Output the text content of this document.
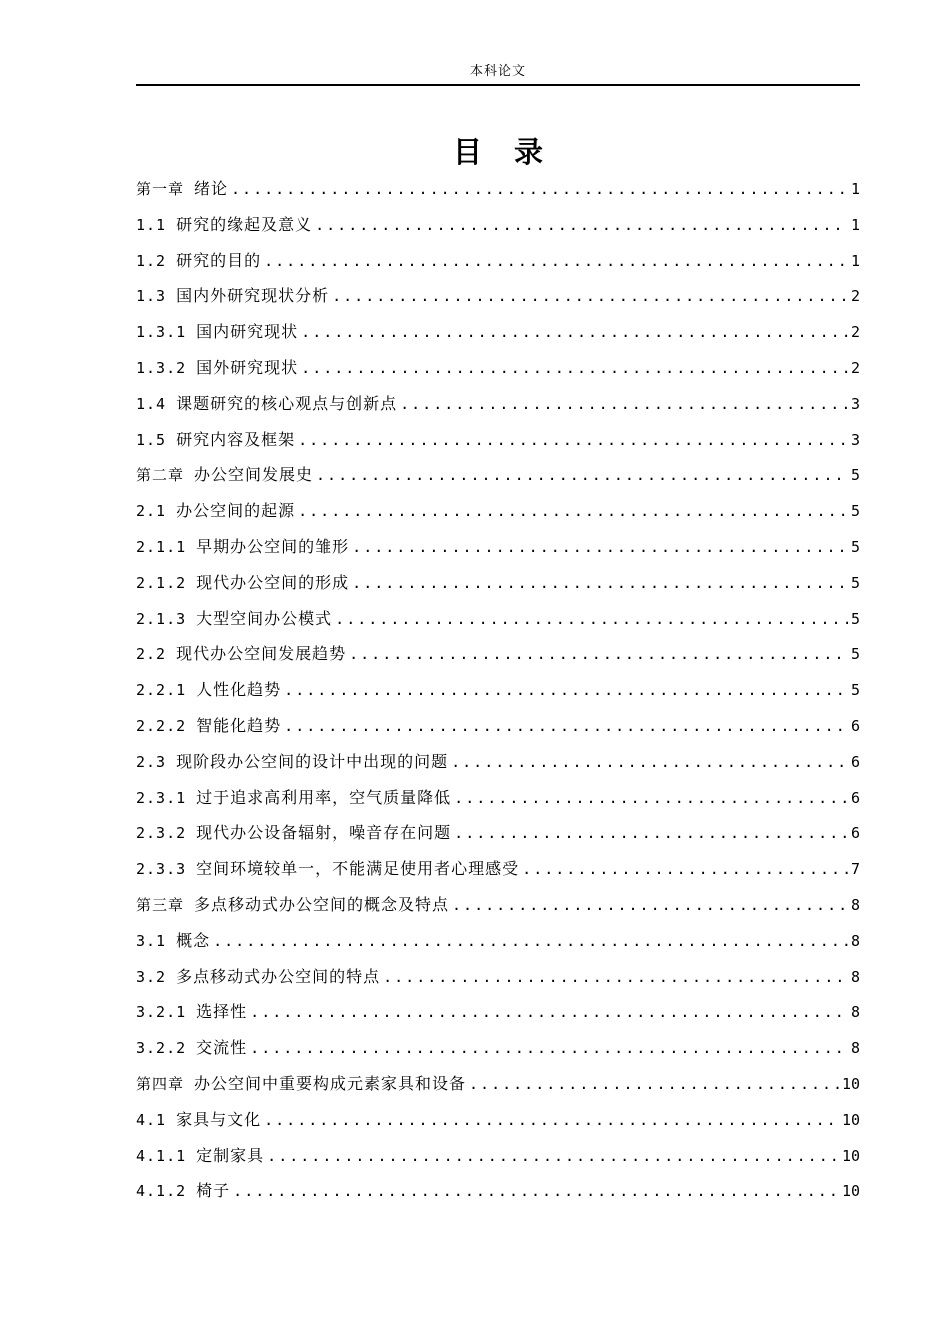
本科论文
目 录
第一章 绪论 .....	1
1.1 研究的缘起及意义 .....	1
1.2 研究的目的 .....	1
1.3 国内外研究现状分析 .....	2
1.3.1 国内研究现状 .....	2
1.3.2 国外研究现状 .....	2
1.4 课题研究的核心观点与创新点 .....	3
1.5 研究内容及框架 .....	3
第二章 办公空间发展史 .....	5
2.1 办公空间的起源 .....	5
2.1.1 早期办公空间的雏形 .....	5
2.1.2 现代办公空间的形成 .....	5
2.1.3 大型空间办公模式 .....	5
2.2 现代办公空间发展趋势 .....	5
2.2.1 人性化趋势 .....	5
2.2.2 智能化趋势 .....	6
2.3 现阶段办公空间的设计中出现的问题 .....	6
2.3.1 过于追求高利用率，空气质量降低 .....	6
2.3.2 现代办公设备辐射，噪音存在问题 .....	6
2.3.3 空间环境较单一，不能满足使用者心理感受 .....	7
第三章 多点移动式办公空间的概念及特点 .....	8
3.1 概念 .....	8
3.2 多点移动式办公空间的特点 .....	8
3.2.1 选择性 .....	8
3.2.2 交流性 .....	8
第四章 办公空间中重要构成元素家具和设备 .....	10
4.1 家具与文化 .....	10
4.1.1 定制家具 .....	10
4.1.2 椅子 .....	10
